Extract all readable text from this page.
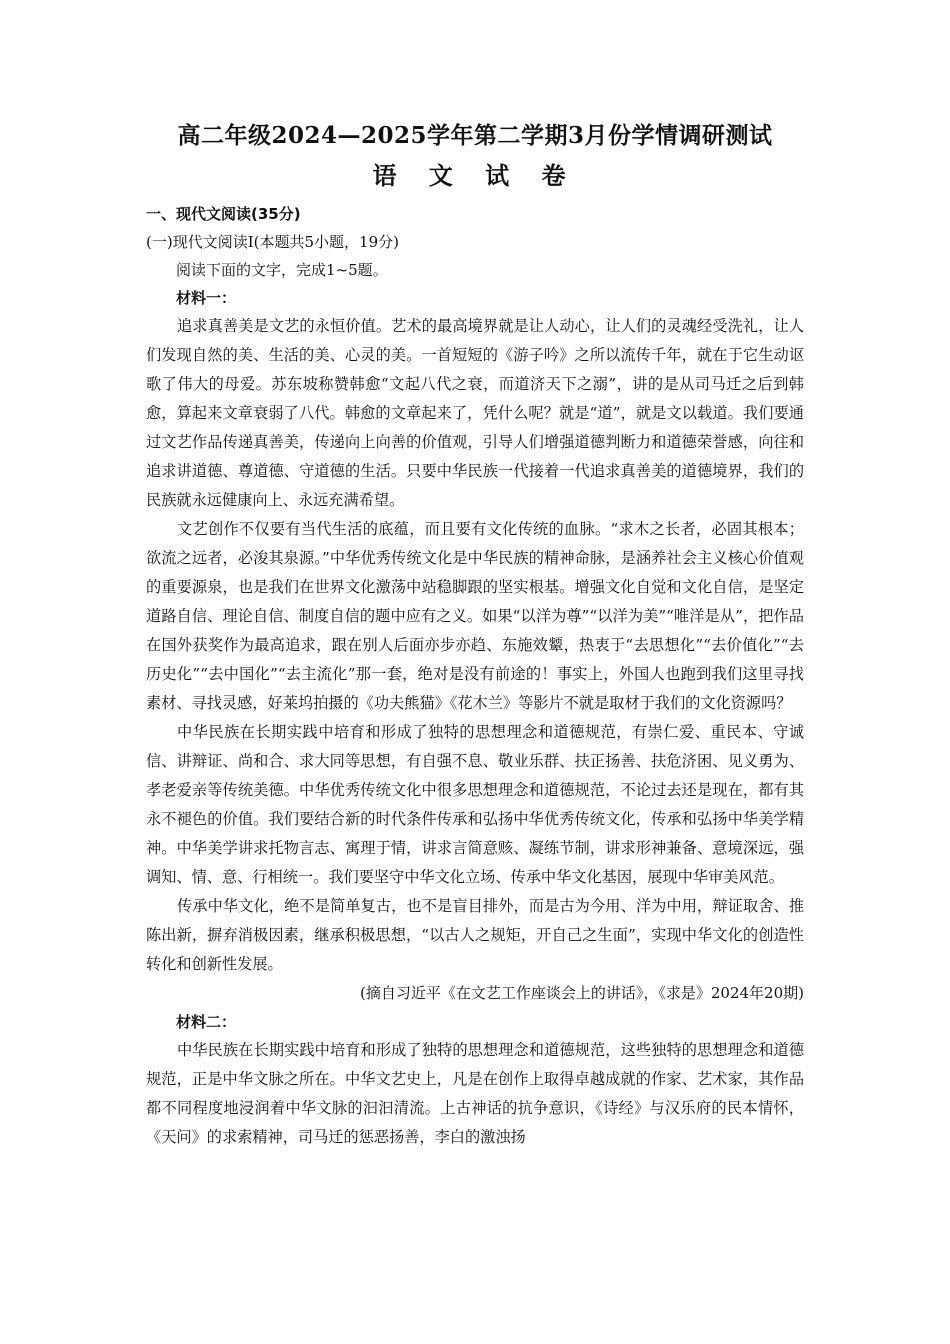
高二年级2024—2025学年第二学期3月份学情调研测试
语 文 试 卷
一、现代文阅读(35分)
(一)现代文阅读Ⅰ(本题共5小题，19分)
阅读下面的文字，完成1~5题。
材料一：

追求真善美是文艺的永恒价值。艺术的最高境界就是让人动心，让人们的灵魂经受洗礼，让人们发现自然的美、生活的美、心灵的美。一首短短的《游子吟》之所以流传千年，就在于它生动讴歌了伟大的母爱。苏东坡称赞韩愈“文起八代之衰，而道济天下之溺”，讲的是从司马迁之后到韩愈，算起来文章衰弱了八代。韩愈的文章起来了，凭什么呢？就是“道”，就是文以载道。我们要通过文艺作品传递真善美，传递向上向善的价值观，引导人们增强道德判断力和道德荣誉感，向往和追求讲道德、尊道德、守道德的生活。只要中华民族一代接着一代追求真善美的道德境界，我们的民族就永远健康向上、永远充满希望。

文艺创作不仅要有当代生活的底蕴，而且要有文化传统的血脉。“求木之长者，必固其根本；欲流之远者，必浚其泉源。”中华优秀传统文化是中华民族的精神命脉，是涵养社会主义核心价值观的重要源泉，也是我们在世界文化激荡中站稳脚跟的坚实根基。增强文化自觉和文化自信，是坚定道路自信、理论自信、制度自信的题中应有之义。如果“以洋为尊”“以洋为美”“唯洋是从”，把作品在国外获奖作为最高追求，跟在别人后面亦步亦趋、东施效颦，热衷于“去思想化”“去价值化”“去历史化”“去中国化”“去主流化”那一套，绝对是没有前途的！事实上，外国人也跑到我们这里寻找素材、寻找灵感，好莱坞拍摄的《功夫熊猫》《花木兰》等影片不就是取材于我们的文化资源吗？

中华民族在长期实践中培育和形成了独特的思想理念和道德规范，有崇仁爱、重民本、守诚信、讲辩证、尚和合、求大同等思想，有自强不息、敬业乐群、扶正扬善、扶危济困、见义勇为、孝老爱亲等传统美德。中华优秀传统文化中很多思想理念和道德规范，不论过去还是现在，都有其永不褪色的价值。我们要结合新的时代条件传承和弘扬中华优秀传统文化，传承和弘扬中华美学精神。中华美学讲求托物言志、寓理于情，讲求言简意赅、凝练节制，讲求形神兼备、意境深远，强调知、情、意、行相统一。我们要坚守中华文化立场、传承中华文化基因，展现中华审美风范。

传承中华文化，绝不是简单复古，也不是盲目排外，而是古为今用、洋为中用，辩证取舍、推陈出新，摒弃消极因素，继承积极思想，“以古人之规矩，开自己之生面”，实现中华文化的创造性转化和创新性发展。

(摘自习近平《在文艺工作座谈会上的讲话》，《求是》2024年20期)
材料二：

中华民族在长期实践中培育和形成了独特的思想理念和道德规范，这些独特的思想理念和道德规范，正是中华文脉之所在。中华文艺史上，凡是在创作上取得卓越成就的作家、艺术家，其作品都不同程度地浸润着中华文脉的汩汩清流。上古神话的抗争意识，《诗经》与汉乐府的民本情怀，《天问》的求索精神，司马迁的惩恶扬善，李白的激浊扬
